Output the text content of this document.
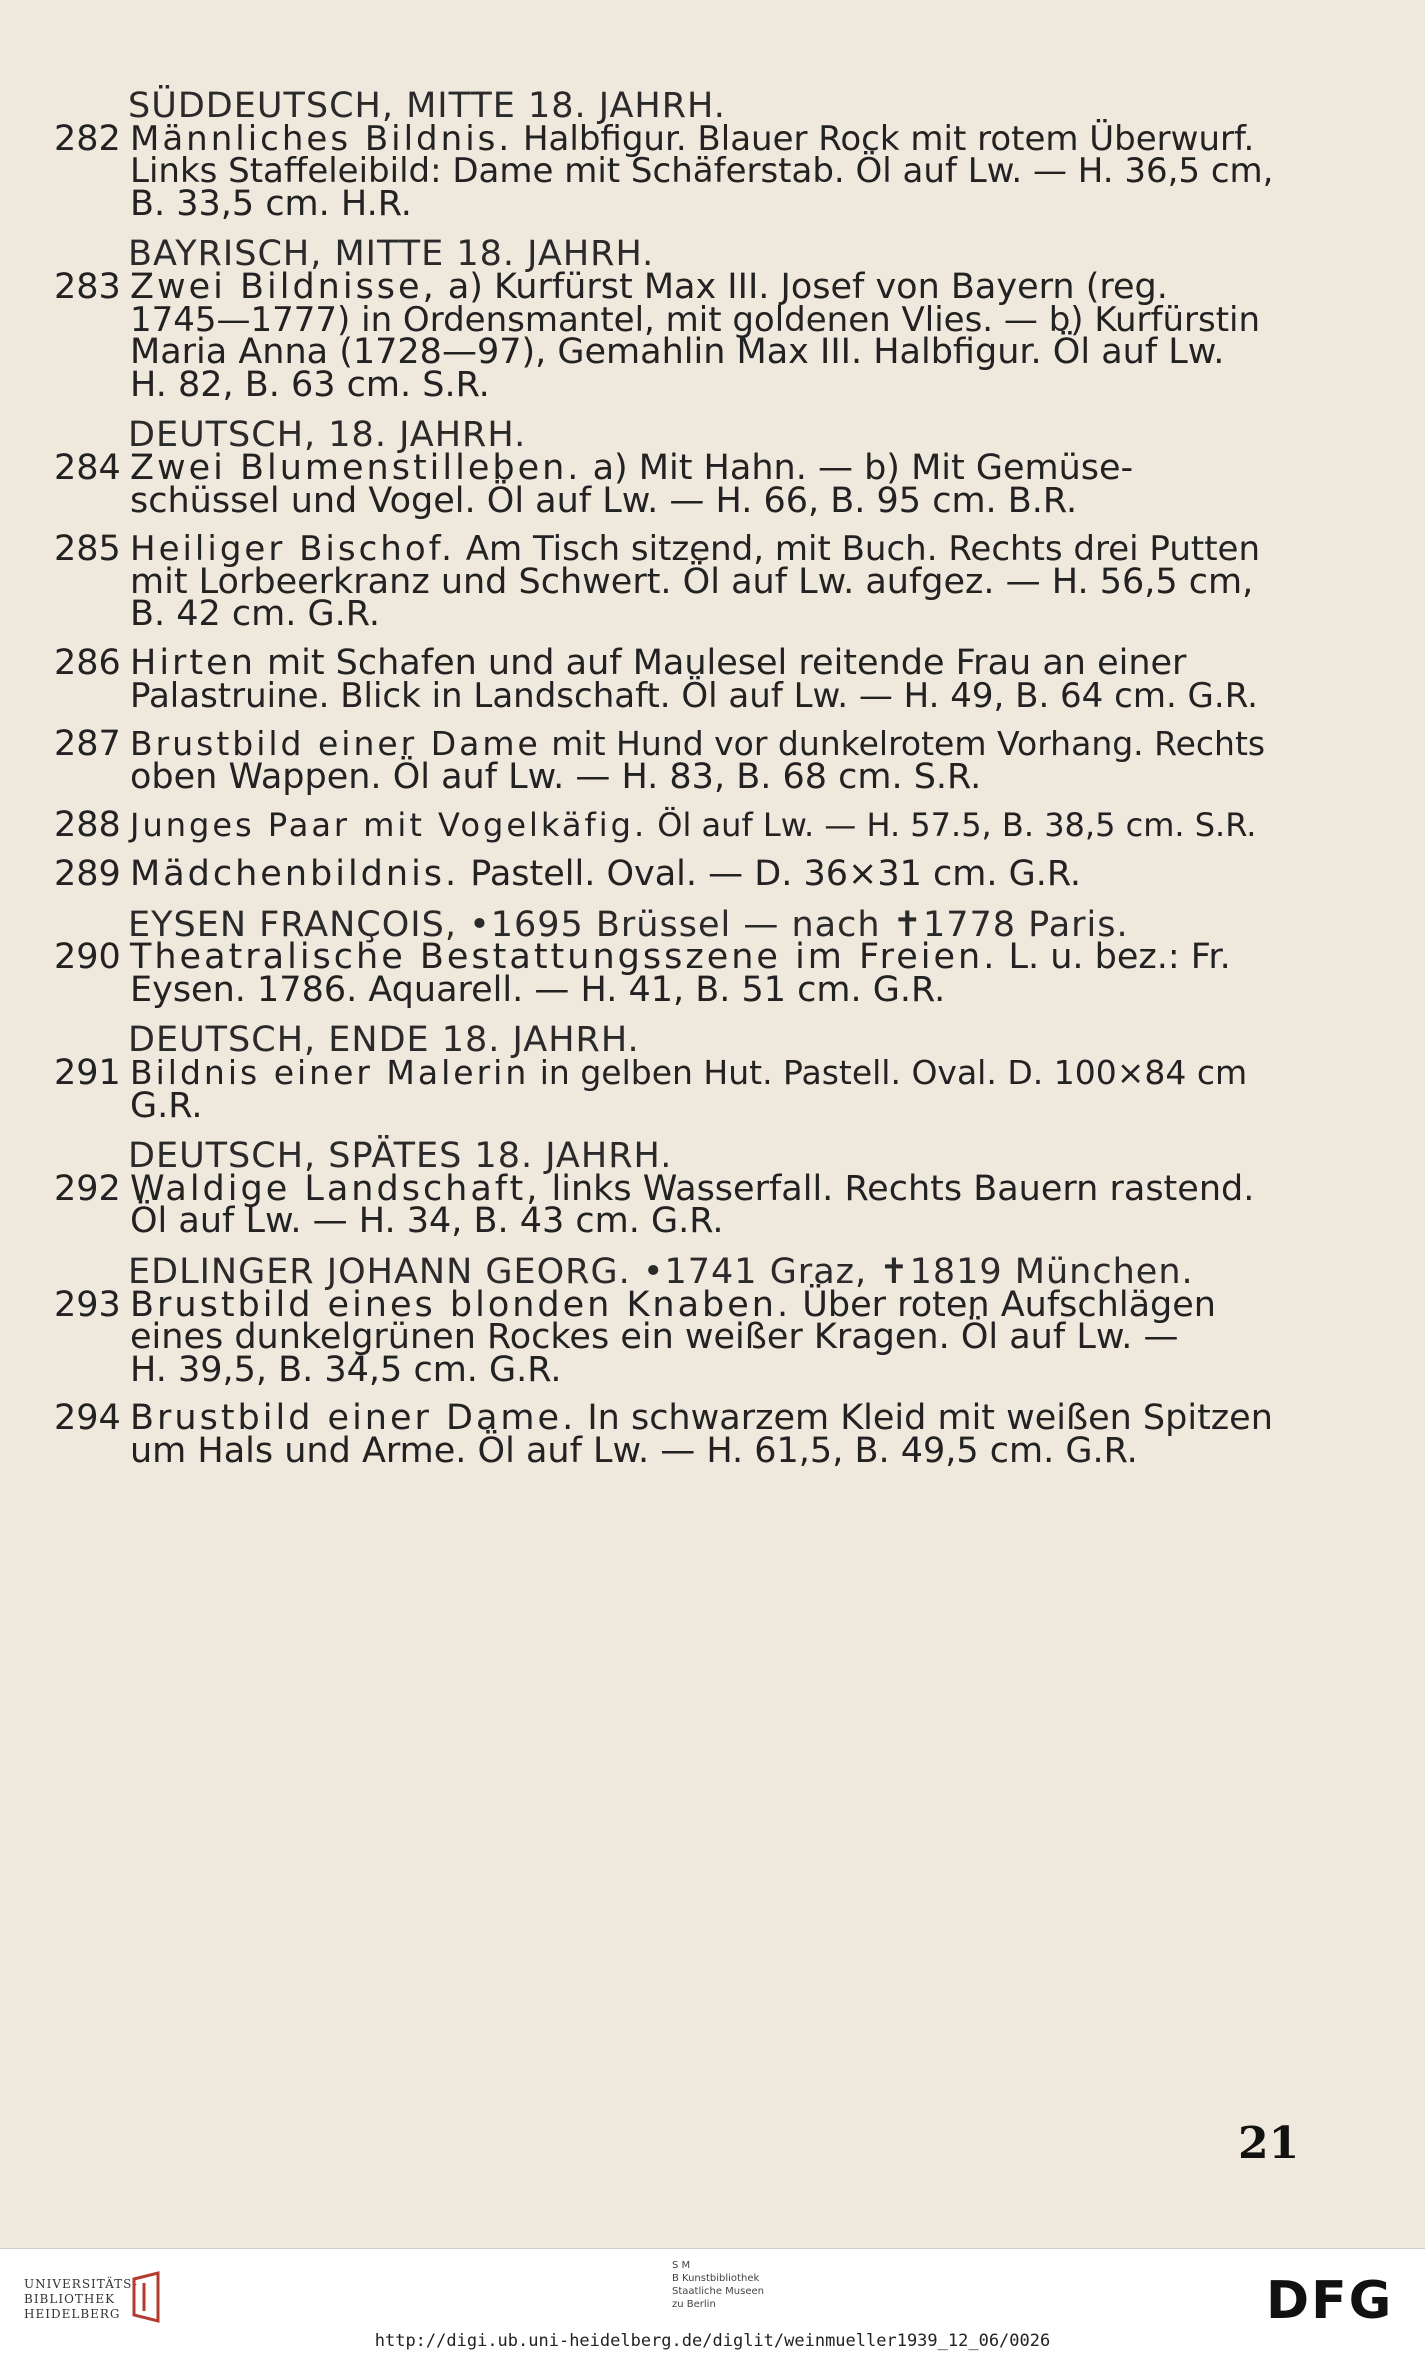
SÜDDEUTSCH, MITTE 18. JAHRH.
282 Männliches Bildnis. Halbfigur. Blauer Rock mit rotem Überwurf.
Links Staffeleibild: Dame mit Schäferstab. Öl auf Lw. — H. 36,5 cm,
B. 33,5 cm. H.R.
BAYRISCH, MITTE 18. JAHRH.
283 Zwei Bildnisse, a) Kurfürst Max III. Josef von Bayern (reg.
1745—1777) in Ordensmantel, mit goldenen Vlies. — b) Kurfürstin
Maria Anna (1728—97), Gemahlin Max III. Halbfigur. Öl auf Lw.
H. 82, B. 63 cm. S.R.
DEUTSCH, 18. JAHRH.
284 Zwei Blumenstilleben. a) Mit Hahn. — b) Mit Gemüse-
schüssel und Vogel. Öl auf Lw. — H. 66, B. 95 cm. B.R.
285 Heiliger Bischof. Am Tisch sitzend, mit Buch. Rechts drei Putten
mit Lorbeerkranz und Schwert. Öl auf Lw. aufgez. — H. 56,5 cm,
B. 42 cm. G.R.
286 Hirten mit Schafen und auf Maulesel reitende Frau an einer
Palastruine. Blick in Landschaft. Öl auf Lw. — H. 49, B. 64 cm. G.R.
287 Brustbild einer Dame mit Hund vor dunkelrotem Vorhang. Rechts
oben Wappen. Öl auf Lw. — H. 83, B. 68 cm. S.R.
288 Junges Paar mit Vogelkäfig. Öl auf Lw. — H. 57.5, B. 38,5 cm. S.R.
289 Mädchenbildnis. Pastell. Oval. — D. 36×31 cm. G.R.
EYSEN FRANÇOIS, •1695 Brüssel — nach ✝1778 Paris.
290 Theatralische Bestattungsszene im Freien. L. u. bez.: Fr.
Eysen. 1786. Aquarell. — H. 41, B. 51 cm. G.R.
DEUTSCH, ENDE 18. JAHRH.
291 Bildnis einer Malerin in gelben Hut. Pastell. Oval. D. 100×84 cm
G.R.
DEUTSCH, SPÄTES 18. JAHRH.
292 Waldige Landschaft, links Wasserfall. Rechts Bauern rastend.
Öl auf Lw. — H. 34, B. 43 cm. G.R.
EDLINGER JOHANN GEORG. •1741 Graz, ✝1819 München.
293 Brustbild eines blonden Knaben. Über roten Aufschlägen
eines dunkelgrünen Rockes ein weißer Kragen. Öl auf Lw. —
H. 39,5, B. 34,5 cm. G.R.
294 Brustbild einer Dame. In schwarzem Kleid mit weißen Spitzen
um Hals und Arme. Öl auf Lw. — H. 61,5, B. 49,5 cm. G.R.
21
UNIVERSITÄTS-
BIBLIOTHEK
HEIDELBERG
S M
B Kunstbibliothek
Staatliche Museen
zu Berlin	DFG
http://digi.ub.uni-heidelberg.de/diglit/weinmueller1939_12_06/0026
